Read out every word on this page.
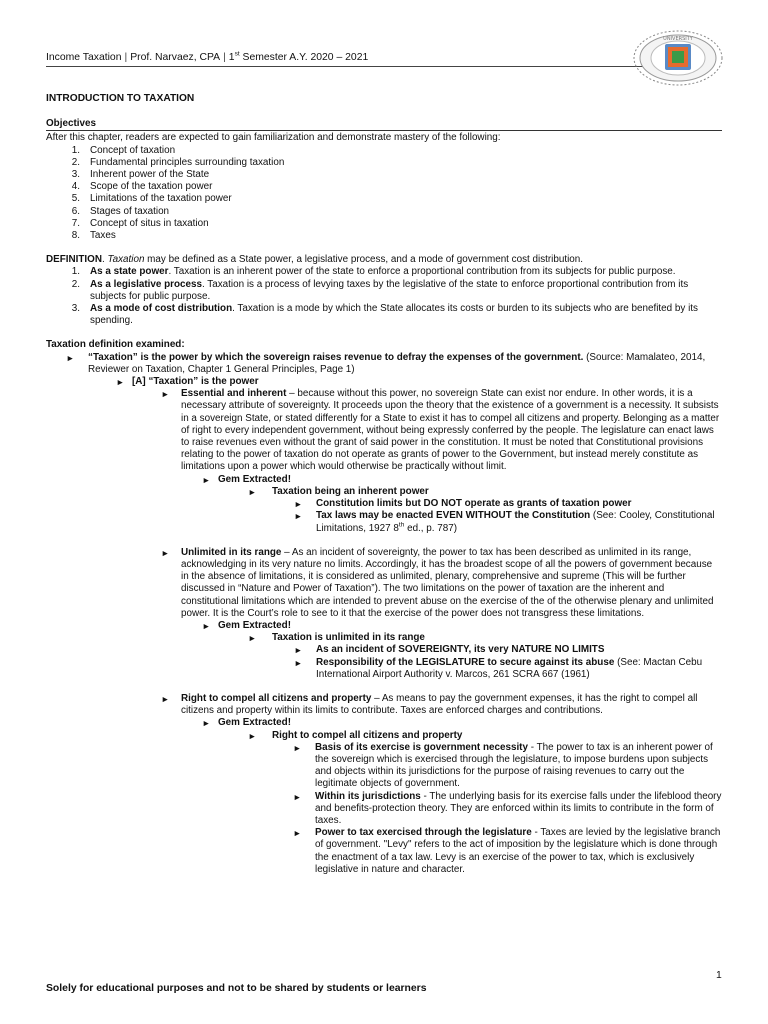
Income Taxation | Prof. Narvaez, CPA | 1st Semester A.Y. 2020 – 2021
UNIVERSITY
INTRODUCTION TO TAXATION
Objectives
After this chapter, readers are expected to gain familiarization and demonstrate mastery of the following:
1.	Concept of taxation
2.	Fundamental principles surrounding taxation
3.	Inherent power of the State
4.	Scope of the taxation power
5.	Limitations of the taxation power
6.	Stages of taxation
7.	Concept of situs in taxation
8.	Taxes
DEFINITION. Taxation may be defined as a State power, a legislative process, and a mode of government cost distribution.
1.	As a state power. Taxation is an inherent power of the state to enforce a proportional contribution from its subjects for public purpose.
2.	As a legislative process. Taxation is a process of levying taxes by the legislative of the state to enforce proportional contribution from its subjects for public purpose.
3.	As a mode of cost distribution. Taxation is a mode by which the State allocates its costs or burden to its subjects who are benefited by its spending.
Taxation definition examined:
►	“Taxation” is the power by which the sovereign raises revenue to defray the expenses of the government. (Source: Mamalateo, 2014, Reviewer on Taxation, Chapter 1 General Principles, Page 1)
► [A] “Taxation” is the power
►	Essential and inherent – because without this power, no sovereign State can exist nor endure. In other words, it is a necessary attribute of sovereignty. It proceeds upon the theory that the existence of a government is a necessity. It subsists in a sovereign State, or stated differently for a State to exist it has to compel all citizens and property. Belonging as a matter of right to every independent government, without being expressly conferred by the people. The legislature can enact laws to raise revenues even without the grant of said power in the constitution. It must be noted that Constitutional provisions relating to the power of taxation do not operate as grants of power to the Government, but instead merely constitute as limitations upon a power which would otherwise be practically without limit.
► Gem Extracted!
►	Taxation being an inherent power
►	Constitution limits but DO NOT operate as grants of taxation power
►	Tax laws may be enacted EVEN WITHOUT the Constitution (See: Cooley, Constitutional Limitations, 1927 8th ed., p. 787)
►	Unlimited in its range – As an incident of sovereignty, the power to tax has been described as unlimited in its range, acknowledging in its very nature no limits. Accordingly, it has the broadest scope of all the powers of government because in the absence of limitations, it is considered as unlimited, plenary, comprehensive and supreme (This will be further discussed in “Nature and Power of Taxation”). The two limitations on the power of taxation are the inherent and constitutional limitations which are intended to prevent abuse on the exercise of the of the otherwise plenary and unlimited power. It is the Court’s role to see to it that the exercise of the power does not transgress these limitations.
► Gem Extracted!
►	Taxation is unlimited in its range
►	As an incident of SOVEREIGNTY, its very NATURE NO LIMITS
►	Responsibility of the LEGISLATURE to secure against its abuse (See: Mactan Cebu International Airport Authority v. Marcos, 261 SCRA 667 (1961)
►	Right to compel all citizens and property – As means to pay the government expenses, it has the right to compel all citizens and property within its limits to contribute. Taxes are enforced charges and contributions.
► Gem Extracted!
►	Right to compel all citizens and property
►	Basis of its exercise is government necessity - The power to tax is an inherent power of the sovereign which is exercised through the legislature, to impose burdens upon subjects and objects within its jurisdictions for the purpose of raising revenues to carry out the legitimate objects of government.
►	Within its jurisdictions - The underlying basis for its exercise falls under the lifeblood theory and benefits-protection theory. They are enforced within its limits to contribute in the form of taxes.
►	Power to tax exercised through the legislature - Taxes are levied by the legislative branch of government. "Levy" refers to the act of imposition by the legislature which is done through the enactment of a tax law. Levy is an exercise of the power to tax, which is exclusively legislative in nature and character.
1
Solely for educational purposes and not to be shared by students or learners
